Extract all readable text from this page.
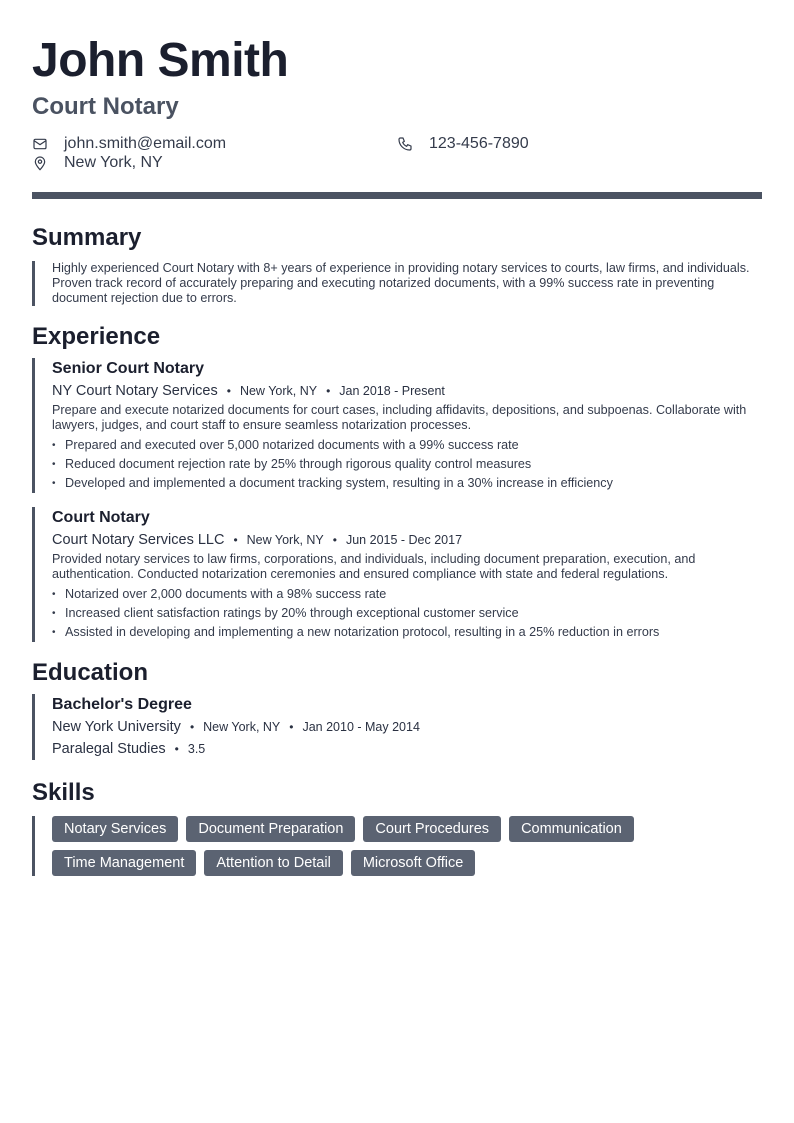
John Smith
Court Notary
john.smith@email.com	123-456-7890
New York, NY
Summary
Highly experienced Court Notary with 8+ years of experience in providing notary services to courts, law firms, and individuals. Proven track record of accurately preparing and executing notarized documents, with a 99% success rate in preventing document rejection due to errors.
Experience
Senior Court Notary
NY Court Notary Services • New York, NY • Jan 2018 - Present
Prepare and execute notarized documents for court cases, including affidavits, depositions, and subpoenas. Collaborate with lawyers, judges, and court staff to ensure seamless notarization processes.
• Prepared and executed over 5,000 notarized documents with a 99% success rate
• Reduced document rejection rate by 25% through rigorous quality control measures
• Developed and implemented a document tracking system, resulting in a 30% increase in efficiency
Court Notary
Court Notary Services LLC • New York, NY • Jun 2015 - Dec 2017
Provided notary services to law firms, corporations, and individuals, including document preparation, execution, and authentication. Conducted notarization ceremonies and ensured compliance with state and federal regulations.
• Notarized over 2,000 documents with a 98% success rate
• Increased client satisfaction ratings by 20% through exceptional customer service
• Assisted in developing and implementing a new notarization protocol, resulting in a 25% reduction in errors
Education
Bachelor's Degree
New York University • New York, NY • Jan 2010 - May 2014
Paralegal Studies • 3.5
Skills
Notary Services	Document Preparation	Court Procedures	Communication
Time Management	Attention to Detail	Microsoft Office
